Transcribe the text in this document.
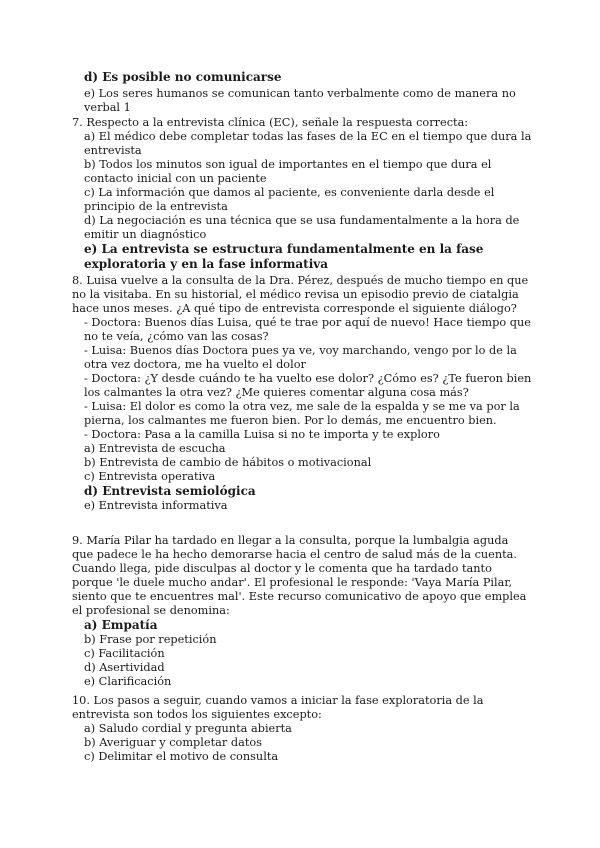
d) Es posible no comunicarse

e) Los seres humanos se comunican tanto verbalmente como de manera no verbal 1

7. Respecto a la entrevista clínica (EC), señale la respuesta correcta:

a) El médico debe completar todas las fases de la EC en el tiempo que dura la entrevista

b) Todos los minutos son igual de importantes en el tiempo que dura el contacto inicial con un paciente

c) La información que damos al paciente, es conveniente darla desde el principio de la entrevista

d) La negociación es una técnica que se usa fundamentalmente a la hora de emitir un diagnóstico

e) La entrevista se estructura fundamentalmente en la fase exploratoria y en la fase informativa

8. Luisa vuelve a la consulta de la Dra. Pérez, después de mucho tiempo en que no la visitaba. En su historial, el médico revisa un episodio previo de ciatalgia hace unos meses. ¿A qué tipo de entrevista corresponde el siguiente diálogo?

- Doctora: Buenos días Luisa, qué te trae por aquí de nuevo! Hace tiempo que no te veía, ¿cómo van las cosas?

- Luisa: Buenos días Doctora pues ya ve, voy marchando, vengo por lo de la otra vez doctora, me ha vuelto el dolor

- Doctora: ¿Y desde cuándo te ha vuelto ese dolor? ¿Cómo es? ¿Te fueron bien los calmantes la otra vez? ¿Me quieres comentar alguna cosa más?

- Luisa: El dolor es como la otra vez, me sale de la espalda y se me va por la pierna, los calmantes me fueron bien. Por lo demás, me encuentro bien.

- Doctora: Pasa a la camilla Luisa si no te importa y te exploro

a) Entrevista de escucha

b) Entrevista de cambio de hábitos o motivacional

c) Entrevista operativa

d) Entrevista semiológica

e) Entrevista informativa

9. María Pilar ha tardado en llegar a la consulta, porque la lumbalgia aguda que padece le ha hecho demorarse hacia el centro de salud más de la cuenta. Cuando llega, pide disculpas al doctor y le comenta que ha tardado tanto porque 'le duele mucho andar'. El profesional le responde: 'Vaya María Pilar, siento que te encuentres mal'. Este recurso comunicativo de apoyo que emplea el profesional se denomina:

a) Empatía

b) Frase por repetición

c) Facilitación

d) Asertividad

e) Clarificación

10. Los pasos a seguir, cuando vamos a iniciar la fase exploratoria de la entrevista son todos los siguientes excepto:

a) Saludo cordial y pregunta abierta

b) Averiguar y completar datos

c) Delimitar el motivo de consulta
